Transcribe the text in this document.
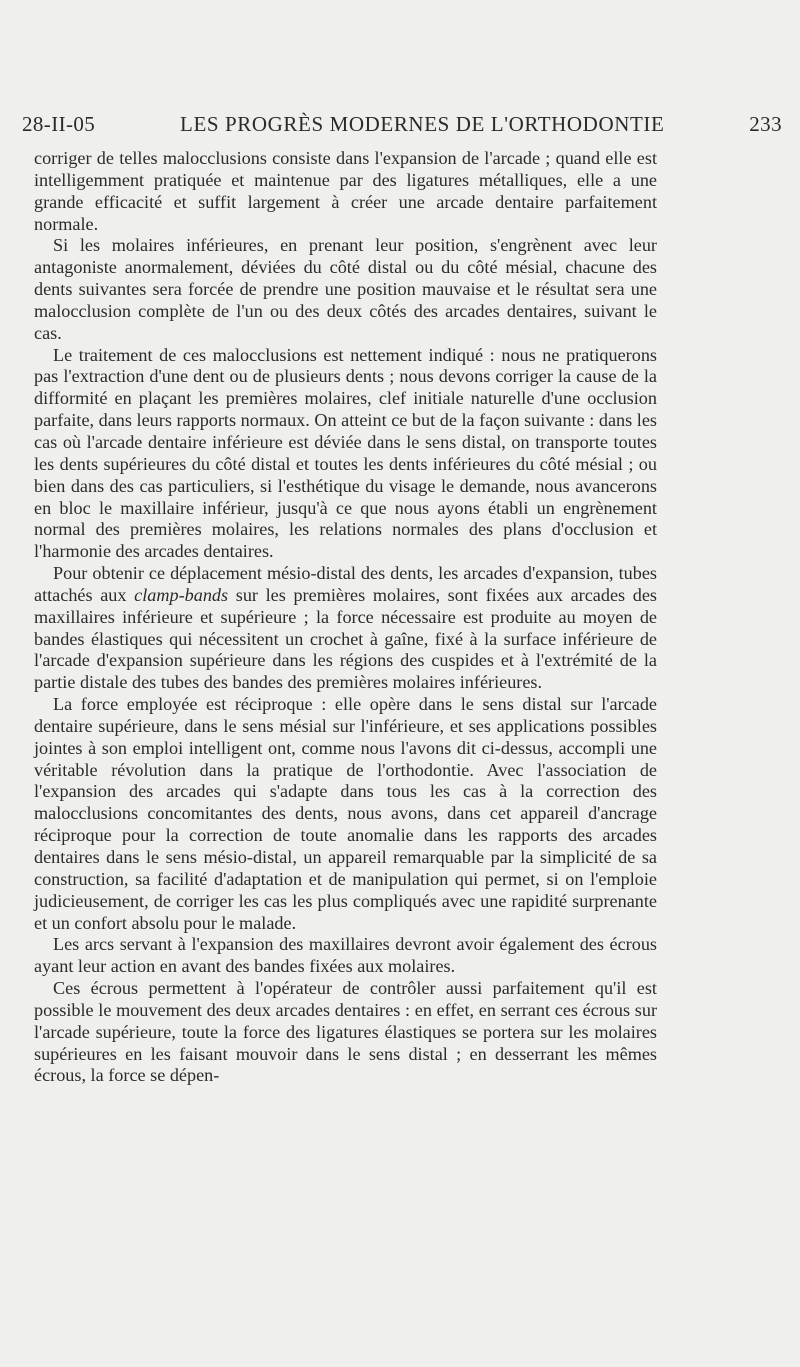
28-II-05	LES PROGRÈS MODERNES DE L'ORTHODONTIE	233

corriger de telles malocclusions consiste dans l'expansion de l'arcade ; quand elle est intelligemment pratiquée et maintenue par des ligatures métalliques, elle a une grande efficacité et suffit largement à créer une arcade dentaire parfaitement normale.

Si les molaires inférieures, en prenant leur position, s'engrènent avec leur antagoniste anormalement, déviées du côté distal ou du côté mésial, chacune des dents suivantes sera forcée de prendre une position mauvaise et le résultat sera une malocclusion complète de l'un ou des deux côtés des arcades dentaires, suivant le cas.

Le traitement de ces malocclusions est nettement indiqué : nous ne pratiquerons pas l'extraction d'une dent ou de plusieurs dents ; nous devons corriger la cause de la difformité en plaçant les premières molaires, clef initiale naturelle d'une occlusion parfaite, dans leurs rapports normaux. On atteint ce but de la façon suivante : dans les cas où l'arcade dentaire inférieure est déviée dans le sens distal, on transporte toutes les dents supérieures du côté distal et toutes les dents inférieures du côté mésial ; ou bien dans des cas particuliers, si l'esthétique du visage le demande, nous avancerons en bloc le maxillaire inférieur, jusqu'à ce que nous ayons établi un engrènement normal des premières molaires, les relations normales des plans d'occlusion et l'harmonie des arcades dentaires.

Pour obtenir ce déplacement mésio-distal des dents, les arcades d'expansion, tubes attachés aux clamp-bands sur les premières molaires, sont fixées aux arcades des maxillaires inférieure et supérieure ; la force nécessaire est produite au moyen de bandes élastiques qui nécessitent un crochet à gaîne, fixé à la surface inférieure de l'arcade d'expansion supérieure dans les régions des cuspides et à l'extrémité de la partie distale des tubes des bandes des premières molaires inférieures.

La force employée est réciproque : elle opère dans le sens distal sur l'arcade dentaire supérieure, dans le sens mésial sur l'inférieure, et ses applications possibles jointes à son emploi intelligent ont, comme nous l'avons dit ci-dessus, accompli une véritable révolution dans la pratique de l'orthodontie. Avec l'association de l'expansion des arcades qui s'adapte dans tous les cas à la correction des malocclusions concomitantes des dents, nous avons, dans cet appareil d'ancrage réciproque pour la correction de toute anomalie dans les rapports des arcades dentaires dans le sens mésio-distal, un appareil remarquable par la simplicité de sa construction, sa facilité d'adaptation et de manipulation qui permet, si on l'emploie judicieusement, de corriger les cas les plus compliqués avec une rapidité surprenante et un confort absolu pour le malade.

Les arcs servant à l'expansion des maxillaires devront avoir également des écrous ayant leur action en avant des bandes fixées aux molaires.

Ces écrous permettent à l'opérateur de contrôler aussi parfaitement qu'il est possible le mouvement des deux arcades dentaires : en effet, en serrant ces écrous sur l'arcade supérieure, toute la force des ligatures élastiques se portera sur les molaires supérieures en les faisant mouvoir dans le sens distal ; en desserrant les mêmes écrous, la force se dépen-
